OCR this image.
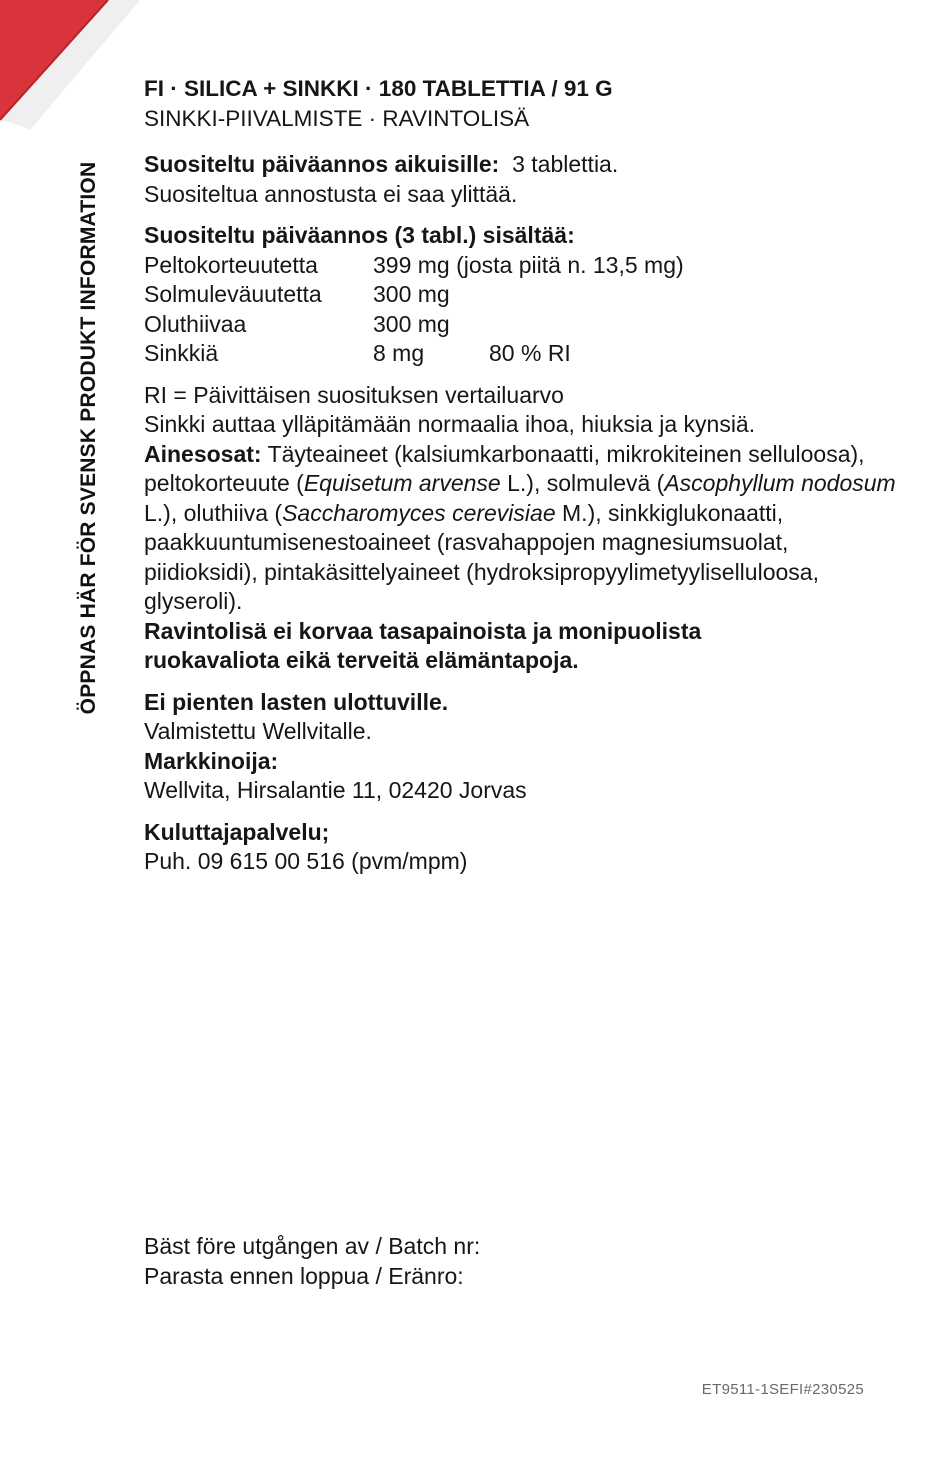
ÖPPNAS HÄR FÖR SVENSK PRODUKT INFORMATION

FI · SILICA + SINKKI · 180 TABLETTIA / 91 G

SINKKI-PIIVALMISTE · RAVINTOLISÄ

Suositeltu päiväannos aikuisille: 3 tablettia.

Suositeltua annostusta ei saa ylittää.

Suositeltu päiväannos (3 tabl.) sisältää:

Peltokorteuutetta	399 mg (josta piitä n. 13,5 mg)	
Solmuleväuutetta	300 mg	
Oluthiivaa	300 mg	
Sinkkiä	8 mg	80 % RI

RI = Päivittäisen suosituksen vertailuarvo

Sinkki auttaa ylläpitämään normaalia ihoa, hiuksia ja kynsiä.

Ainesosat: Täyteaineet (kalsiumkarbonaatti, mikrokiteinen selluloosa), peltokorteuute (Equisetum arvense L.), solmulevä (Ascophyllum nodosum L.), oluthiiva (Saccharomyces cerevisiae M.), sinkkiglukonaatti, paakkuuntumisenestoaineet (rasvahappojen magnesiumsuolat, piidioksidi), pintakäsittelyaineet (hydroksipropyylimetyyliselluloosa, glyseroli).

Ravintolisä ei korvaa tasapainoista ja monipuolista

ruokavaliota eikä terveitä elämäntapoja.

Ei pienten lasten ulottuville.

Valmistettu Wellvitalle.

Markkinoija:

Wellvita, Hirsalantie 11, 02420 Jorvas

Kuluttajapalvelu;

Puh. 09 615 00 516 (pvm/mpm)

Bäst före utgången av / Batch nr:

Parasta ennen loppua / Eränro:

ET9511-1SEFI#230525
